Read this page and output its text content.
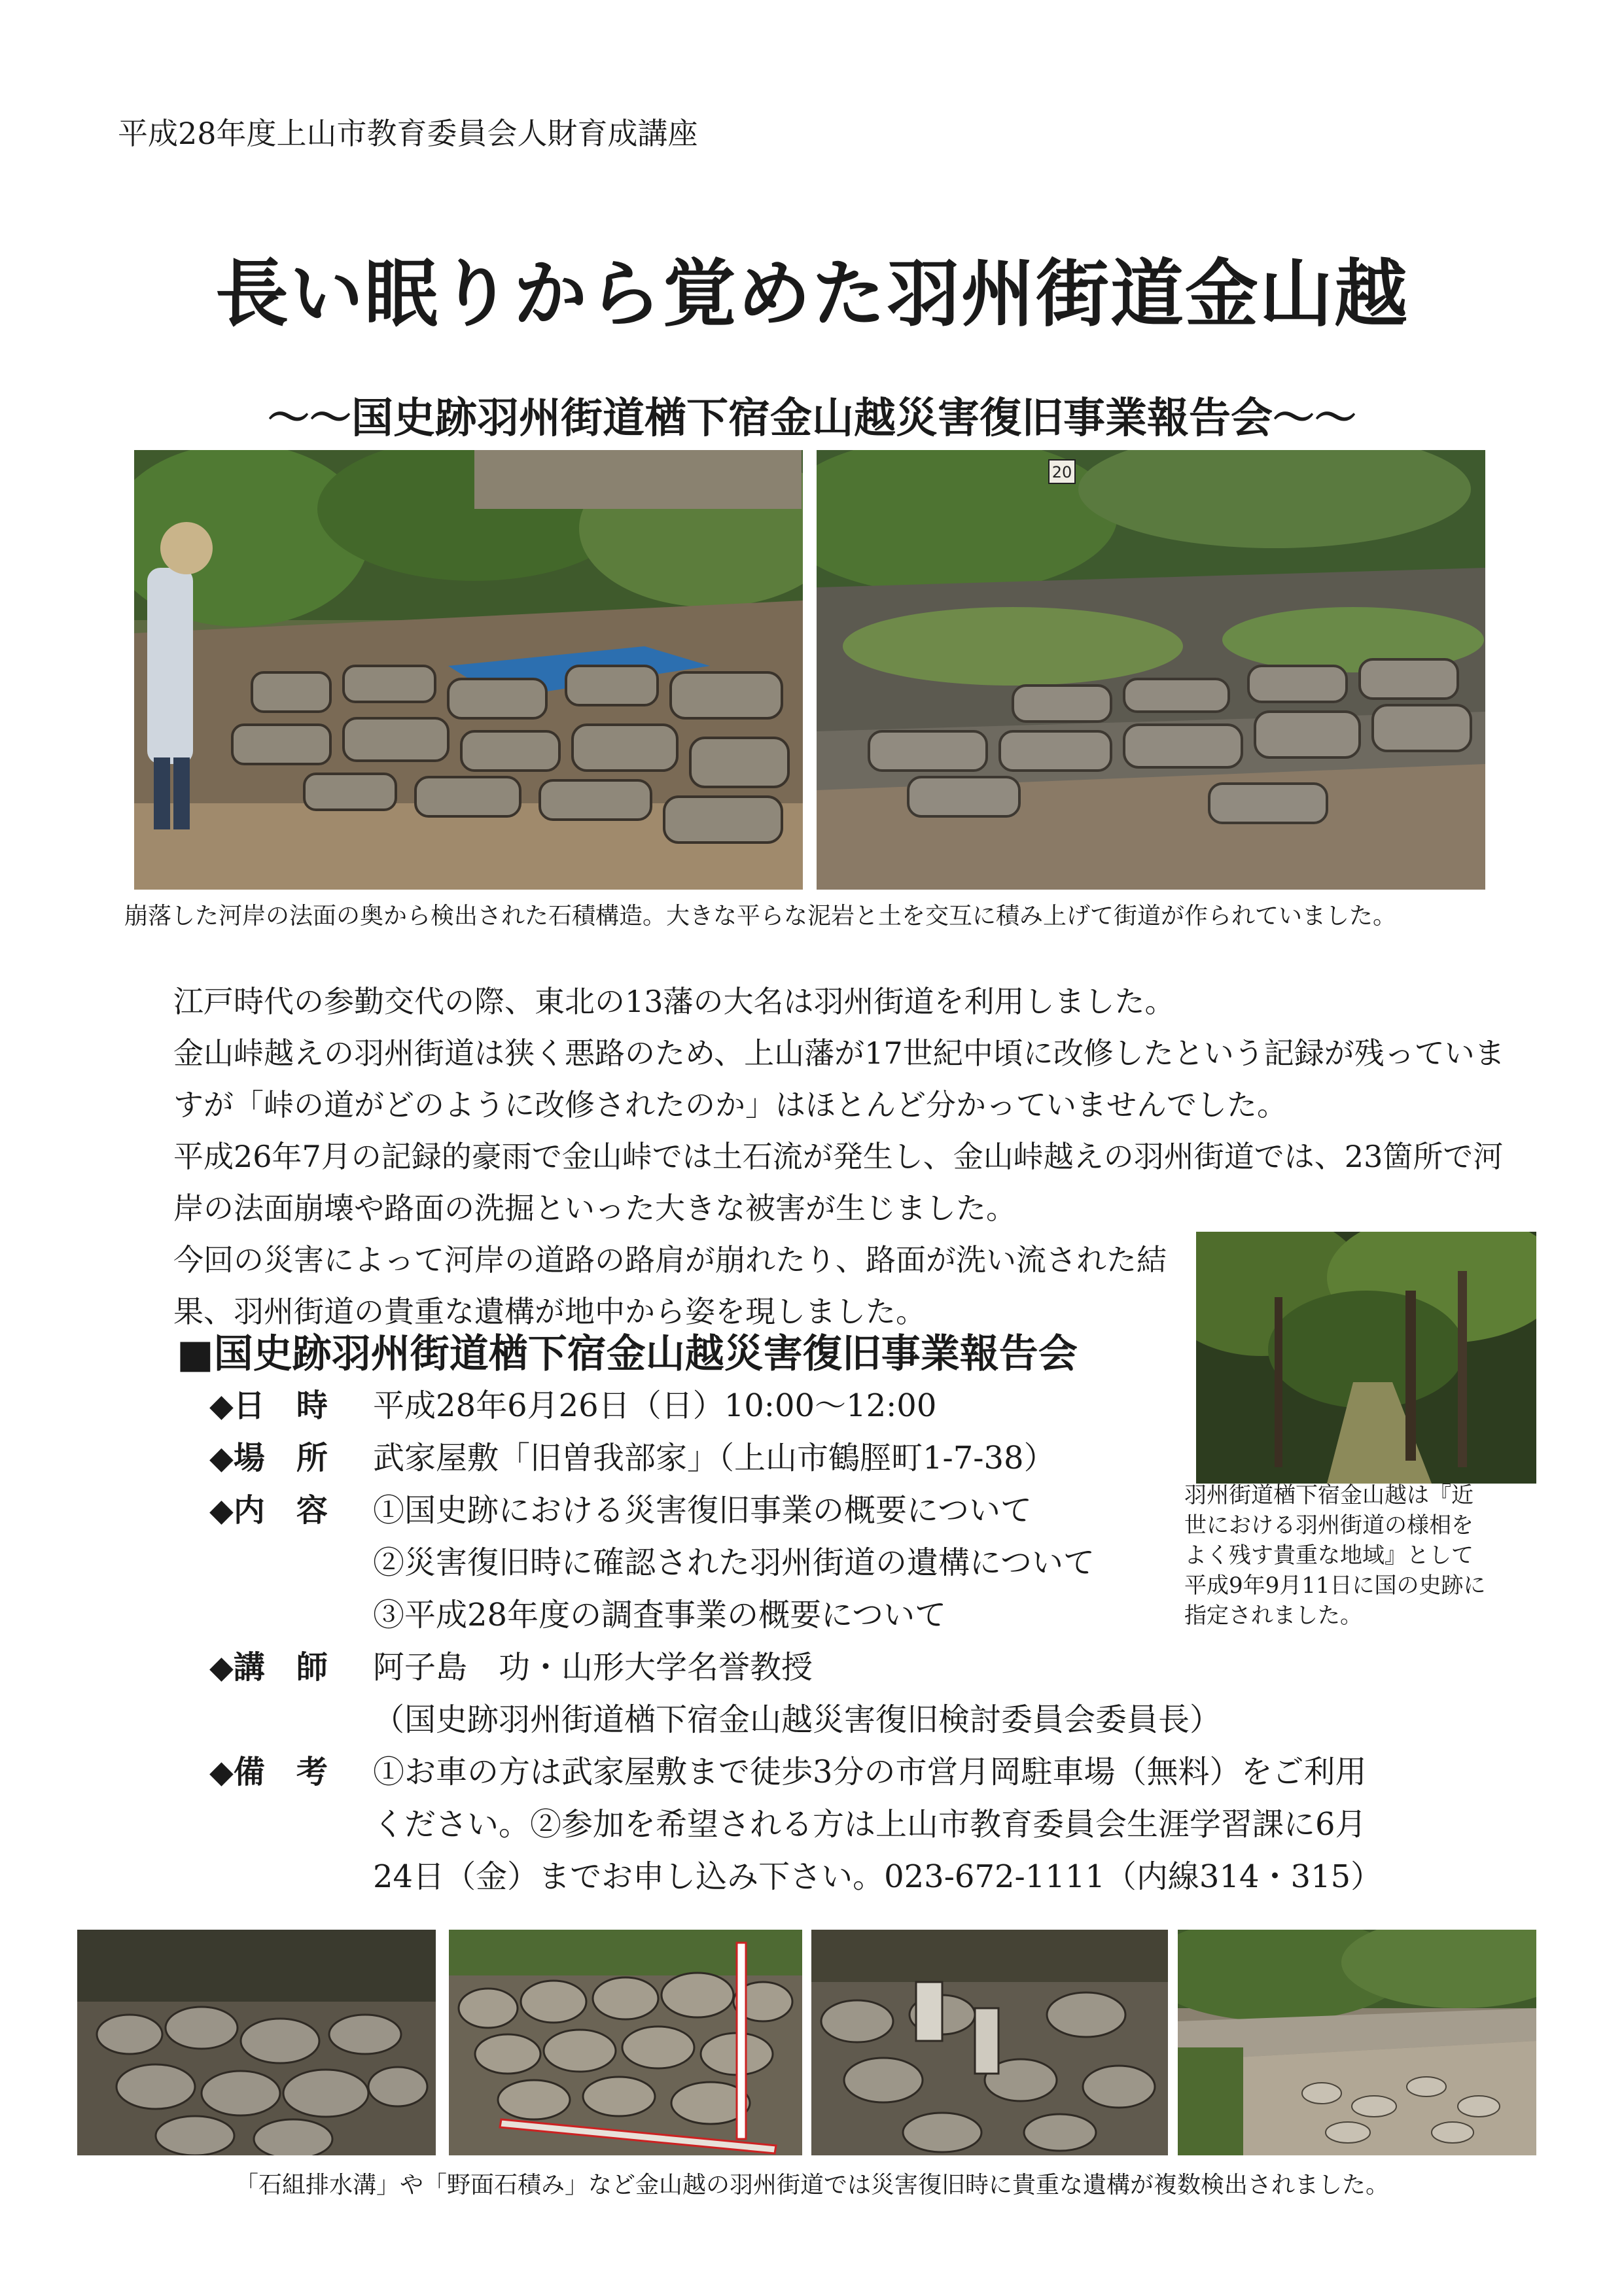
平成28年度上山市教育委員会人財育成講座
長い眠りから覚めた羽州街道金山越
〜〜国史跡羽州街道楢下宿金山越災害復旧事業報告会〜〜
20
崩落した河岸の法面の奥から検出された石積構造。大きな平らな泥岩と土を交互に積み上げて街道が作られていました。

江戸時代の参勤交代の際、東北の13藩の大名は羽州街道を利用しました。

金山峠越えの羽州街道は狭く悪路のため、上山藩が17世紀中頃に改修したという記録が残っていますが「峠の道がどのように改修されたのか」はほとんど分かっていませんでした。

平成26年7月の記録的豪雨で金山峠では土石流が発生し、金山峠越えの羽州街道では、23箇所で河岸の法面崩壊や路面の洗掘といった大きな被害が生じました。

今回の災害によって河岸の道路の路肩が崩れたり、路面が洗い流された結果、羽州街道の貴重な遺構が地中から姿を現しました。

羽州街道楢下宿金山越は『近
世における羽州街道の様相を
よく残す貴重な地域』として
平成9年9月11日に国の史跡に
指定されました。
■国史跡羽州街道楢下宿金山越災害復旧事業報告会
◆日　時 平成28年6月26日（日）10:00〜12:00
◆場　所 武家屋敷「旧曽我部家」（上山市鶴脛町1-7-38）
◆内　容 ①国史跡における災害復旧事業の概要について
②災害復旧時に確認された羽州街道の遺構について
③平成28年度の調査事業の概要について
◆講　師 阿子島　功・山形大学名誉教授
（国史跡羽州街道楢下宿金山越災害復旧検討委員会委員長）
◆備　考 ①お車の方は武家屋敷まで徒歩3分の市営月岡駐車場（無料）をご利用
ください。②参加を希望される方は上山市教育委員会生涯学習課に6月
24日（金）までお申し込み下さい。023-672-1111（内線314・315）
「石組排水溝」や「野面石積み」など金山越の羽州街道では災害復旧時に貴重な遺構が複数検出されました。
